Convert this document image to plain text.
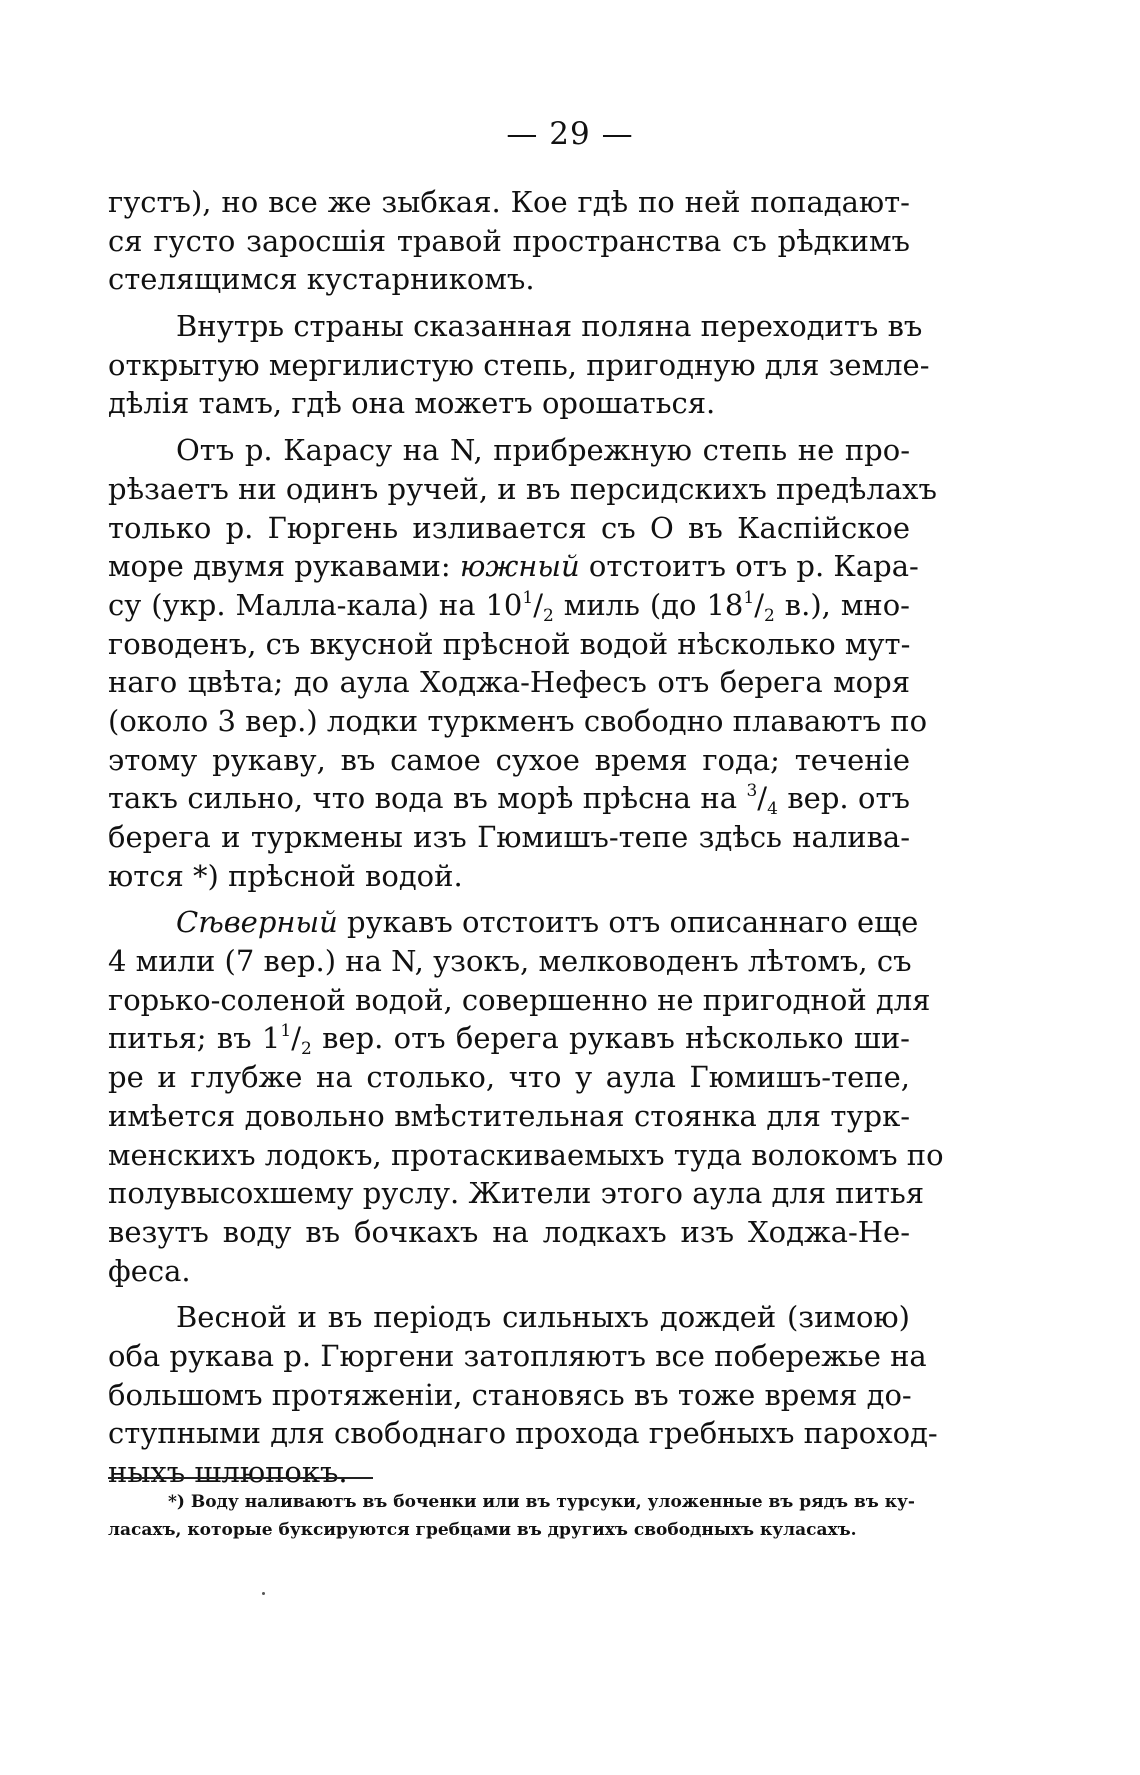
— 29 —
густъ), но все же зыбкая. Кое гдѣ по ней попадают-
ся густо заросшія травой пространства съ рѣдкимъ
стелящимся кустарникомъ.
Внутрь страны сказанная поляна переходитъ въ
открытую мергилистую степь, пригодную для земле-
дѣлія тамъ, гдѣ она можетъ орошаться.
Отъ р. Карасу на N, прибрежную степь не про-
рѣзаетъ ни одинъ ручей, и въ персидскихъ предѣлахъ
только р. Гюргень изливается съ О въ Каспійское
море двумя рукавами: южный отстоитъ отъ р. Кара-
су (укр. Малла-кала) на $10^1/_2$ миль (до $18^1/_2$ в.), мно-
говоденъ, съ вкусной прѣсной водой нѣсколько мут-
наго цвѣта; до аула Ходжа-Нефесъ отъ берега моря
(около 3 вер.) лодки туркменъ свободно плаваютъ по
этому рукаву, въ самое сухое время года; теченіе
такъ сильно, что вода въ морѣ прѣсна на $^3/_4$ вер. отъ
берега и туркмены изъ Гюмишъ-тепе здѣсь налива-
ются *) прѣсной водой.
Сѣверный рукавъ отстоитъ отъ описаннаго еще
4 мили (7 вер.) на N, узокъ, мелководенъ лѣтомъ, съ
горько-соленой водой, совершенно не пригодной для
питья; въ $1^1/_2$ вер. отъ берега рукавъ нѣсколько ши-
ре и глубже на столько, что у аула Гюмишъ-тепе,
имѣется довольно вмѣстительная стоянка для турк-
менскихъ лодокъ, протаскиваемыхъ туда волокомъ по
полувысохшему руслу. Жители этого аула для питья
везутъ воду въ бочкахъ на лодкахъ изъ Ходжа-Не-
феса.
Весной и въ періодъ сильныхъ дождей (зимою)
оба рукава р. Гюргени затопляютъ все побережье на
большомъ протяженіи, становясь въ тоже время до-
ступными для свободнаго прохода гребныхъ пароход-
ныхъ шлюпокъ.
*) Воду наливаютъ въ боченки или въ турсуки, уложенные въ рядъ въ ку-
ласахъ, которые буксируются гребцами въ другихъ свободныхъ куласахъ.
